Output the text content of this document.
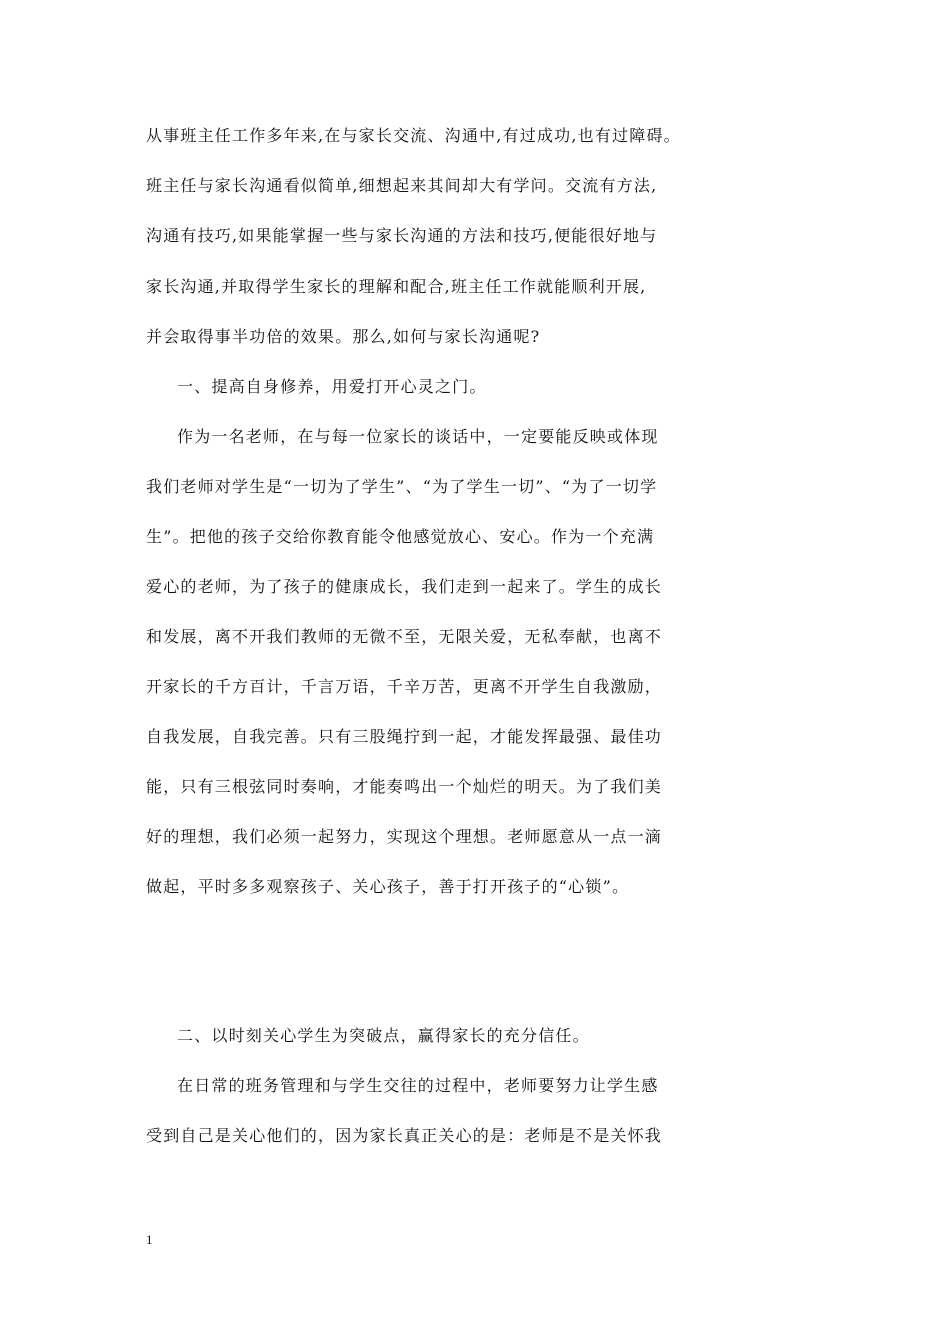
从事班主任工作多年来,在与家长交流、沟通中,有过成功,也有过障碍。
班主任与家长沟通看似简单,细想起来其间却大有学问。交流有方法,
沟通有技巧,如果能掌握一些与家长沟通的方法和技巧,便能很好地与
家长沟通,并取得学生家长的理解和配合,班主任工作就能顺利开展,
并会取得事半功倍的效果。那么,如何与家长沟通呢?
一、提高自身修养，用爱打开心灵之门。
作为一名老师，在与每一位家长的谈话中，一定要能反映或体现
我们老师对学生是“一切为了学生”、“为了学生一切”、“为了一切学
生”。把他的孩子交给你教育能令他感觉放心、安心。作为一个充满
爱心的老师，为了孩子的健康成长，我们走到一起来了。学生的成长
和发展，离不开我们教师的无微不至，无限关爱，无私奉献，也离不
开家长的千方百计，千言万语，千辛万苦，更离不开学生自我激励，
自我发展，自我完善。只有三股绳拧到一起，才能发挥最强、最佳功
能，只有三根弦同时奏响，才能奏鸣出一个灿烂的明天。为了我们美
好的理想，我们必须一起努力，实现这个理想。老师愿意从一点一滴
做起，平时多多观察孩子、关心孩子，善于打开孩子的“心锁”。
二、以时刻关心学生为突破点，赢得家长的充分信任。
在日常的班务管理和与学生交往的过程中，老师要努力让学生感
受到自己是关心他们的，因为家长真正关心的是：老师是不是关怀我
1
